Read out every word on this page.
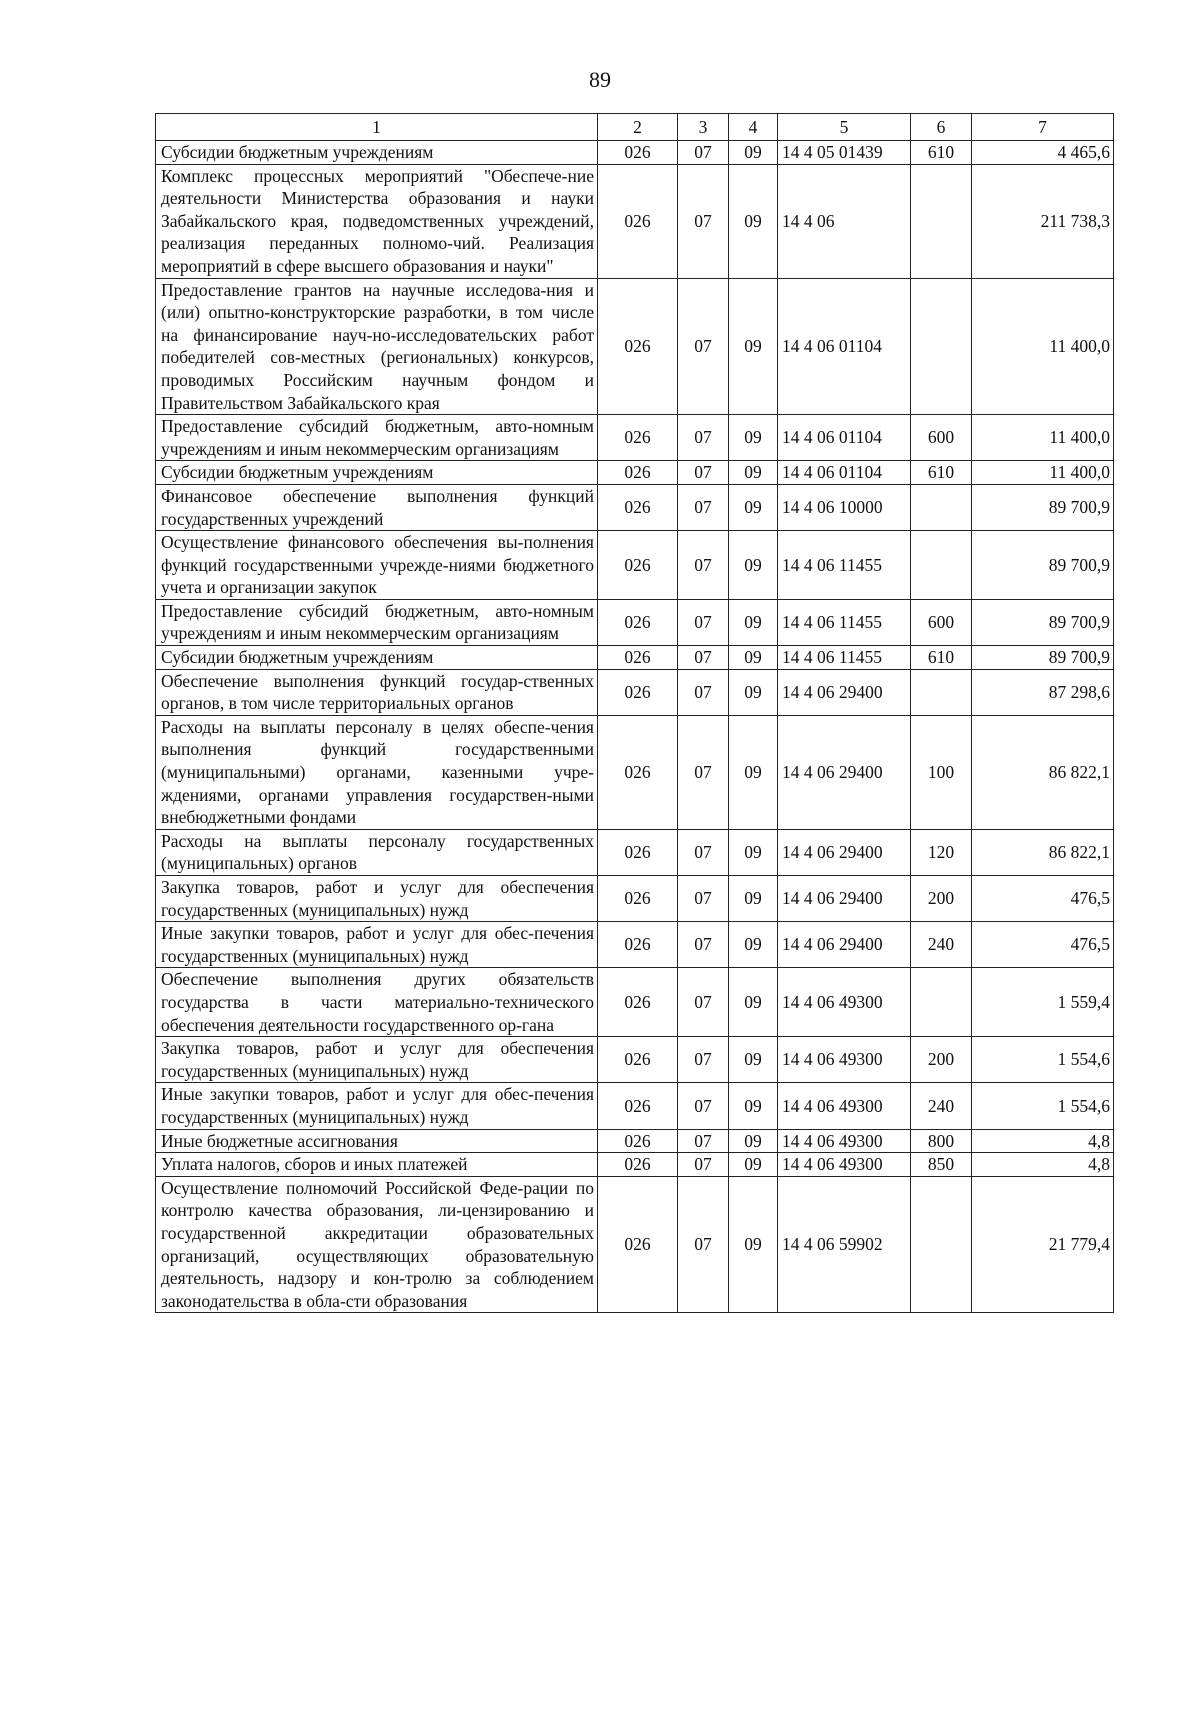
89
1	2	3	4	5	6	7
Субсидии бюджетным учреждениям	026	07	09	14 4 05 01439	610	4 465,6
Комплекс процессных мероприятий "Обеспече-ние деятельности Министерства образования и науки Забайкальского края, подведомственных учреждений, реализация переданных полномо-чий. Реализация мероприятий в сфере высшего образования и науки"	026	07	09	14 4 06		211 738,3
Предоставление грантов на научные исследова-ния и (или) опытно-конструкторские разработки, в том числе на финансирование науч-но-исследовательских работ победителей сов-местных (региональных) конкурсов, проводимых Российским научным фондом и Правительством Забайкальского края	026	07	09	14 4 06 01104		11 400,0
Предоставление субсидий бюджетным, авто-номным учреждениям и иным некоммерческим организациям	026	07	09	14 4 06 01104	600	11 400,0
Субсидии бюджетным учреждениям	026	07	09	14 4 06 01104	610	11 400,0
Финансовое обеспечение выполнения функций государственных учреждений	026	07	09	14 4 06 10000		89 700,9
Осуществление финансового обеспечения вы-полнения функций государственными учрежде-ниями бюджетного учета и организации закупок	026	07	09	14 4 06 11455		89 700,9
Предоставление субсидий бюджетным, авто-номным учреждениям и иным некоммерческим организациям	026	07	09	14 4 06 11455	600	89 700,9
Субсидии бюджетным учреждениям	026	07	09	14 4 06 11455	610	89 700,9
Обеспечение выполнения функций государ-ственных органов, в том числе территориальных органов	026	07	09	14 4 06 29400		87 298,6
Расходы на выплаты персоналу в целях обеспе-чения выполнения функций государственными (муниципальными) органами, казенными учре-ждениями, органами управления государствен-ными внебюджетными фондами	026	07	09	14 4 06 29400	100	86 822,1
Расходы на выплаты персоналу государственных (муниципальных) органов	026	07	09	14 4 06 29400	120	86 822,1
Закупка товаров, работ и услуг для обеспечения государственных (муниципальных) нужд	026	07	09	14 4 06 29400	200	476,5
Иные закупки товаров, работ и услуг для обес-печения государственных (муниципальных) нужд	026	07	09	14 4 06 29400	240	476,5
Обеспечение выполнения других обязательств государства в части материально-технического обеспечения деятельности государственного ор-гана	026	07	09	14 4 06 49300		1 559,4
Закупка товаров, работ и услуг для обеспечения государственных (муниципальных) нужд	026	07	09	14 4 06 49300	200	1 554,6
Иные закупки товаров, работ и услуг для обес-печения государственных (муниципальных) нужд	026	07	09	14 4 06 49300	240	1 554,6
Иные бюджетные ассигнования	026	07	09	14 4 06 49300	800	4,8
Уплата налогов, сборов и иных платежей	026	07	09	14 4 06 49300	850	4,8
Осуществление полномочий Российской Феде-рации по контролю качества образования, ли-цензированию и государственной аккредитации образовательных организаций, осуществляющих образовательную деятельность, надзору и кон-тролю за соблюдением законодательства в обла-сти образования	026	07	09	14 4 06 59902		21 779,4
